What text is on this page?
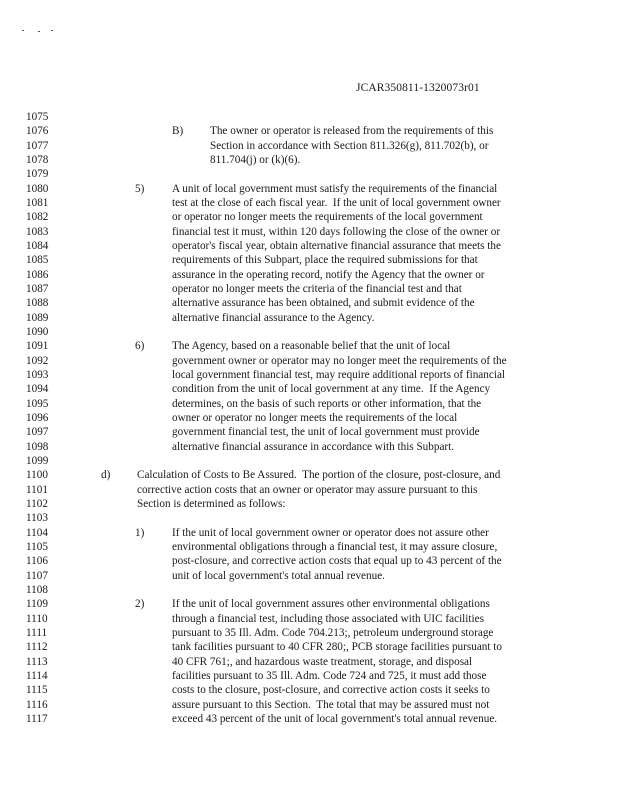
JCAR350811-1320073r01
1075
1076
1077
1078
1079
1080
1081
1082
1083
1084
1085
1086
1087
1088
1089
1090
1091
1092
1093
1094
1095
1096
1097
1098
1099
1100
1101
1102
1103
1104
1105
1106
1107
1108
1109
1110
1111
1112
1113
1114
1115
1116
1117
B) The owner or operator is released from the requirements of this
Section in accordance with Section 811.326(g), 811.702(b), or
811.704(j) or (k)(6).
5) A unit of local government must satisfy the requirements of the financial
test at the close of each fiscal year.  If the unit of local government owner
or operator no longer meets the requirements of the local government
financial test it must, within 120 days following the close of the owner or
operator's fiscal year, obtain alternative financial assurance that meets the
requirements of this Subpart, place the required submissions for that
assurance in the operating record, notify the Agency that the owner or
operator no longer meets the criteria of the financial test and that
alternative assurance has been obtained, and submit evidence of the
alternative financial assurance to the Agency.
6) The Agency, based on a reasonable belief that the unit of local
government owner or operator may no longer meet the requirements of the
local government financial test, may require additional reports of financial
condition from the unit of local government at any time.  If the Agency
determines, on the basis of such reports or other information, that the
owner or operator no longer meets the requirements of the local
government financial test, the unit of local government must provide
alternative financial assurance in accordance with this Subpart.
d) Calculation of Costs to Be Assured.  The portion of the closure, post-closure, and
corrective action costs that an owner or operator may assure pursuant to this
Section is determined as follows:
1) If the unit of local government owner or operator does not assure other
environmental obligations through a financial test, it may assure closure,
post-closure, and corrective action costs that equal up to 43 percent of the
unit of local government's total annual revenue.
2) If the unit of local government assures other environmental obligations
through a financial test, including those associated with UIC facilities
pursuant to 35 Ill. Adm. Code 704.213;, petroleum underground storage
tank facilities pursuant to 40 CFR 280;, PCB storage facilities pursuant to
40 CFR 761;, and hazardous waste treatment, storage, and disposal
facilities pursuant to 35 Ill. Adm. Code 724 and 725, it must add those
costs to the closure, post-closure, and corrective action costs it seeks to
assure pursuant to this Section.  The total that may be assured must not
exceed 43 percent of the unit of local government's total annual revenue.
